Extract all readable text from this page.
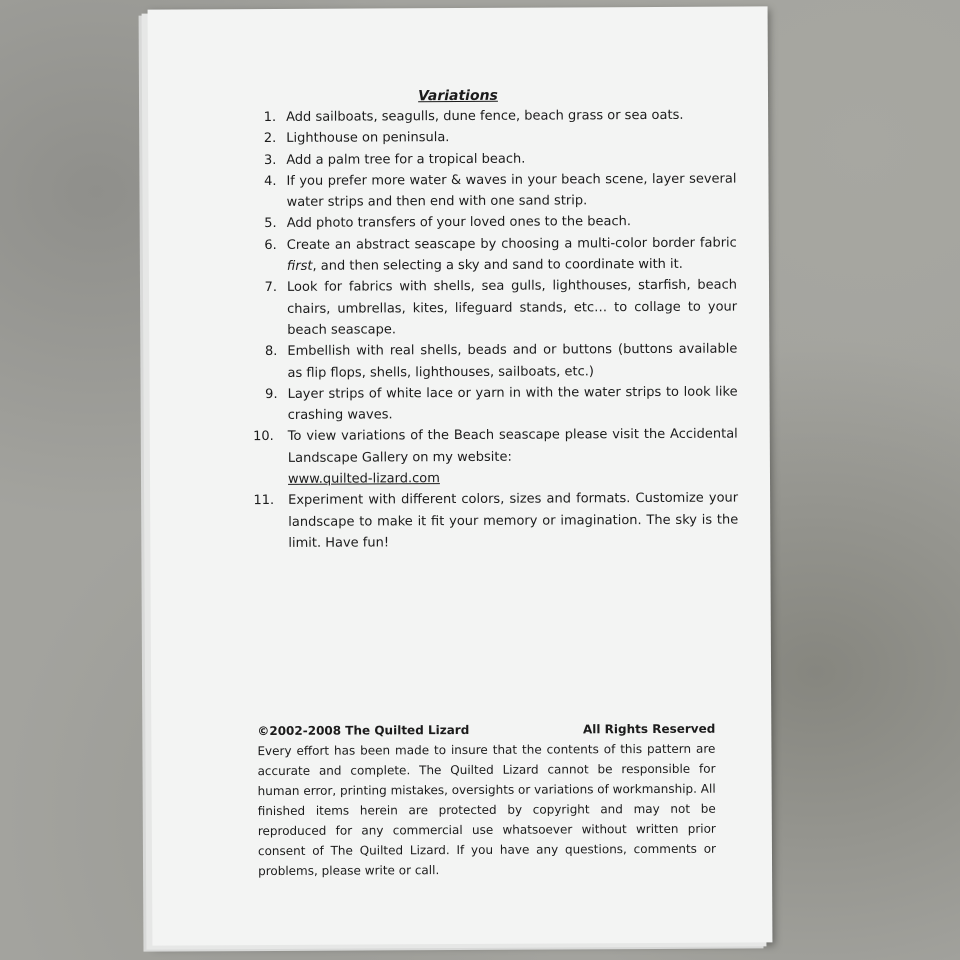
Variations
1. Add sailboats, seagulls, dune fence, beach grass or sea oats.
2. Lighthouse on peninsula.
3. Add a palm tree for a tropical beach.
4. If you prefer more water & waves in your beach scene, layer several water strips and then end with one sand strip.
5. Add photo transfers of your loved ones to the beach.
6. Create an abstract seascape by choosing a multi-color border fabric first, and then selecting a sky and sand to coordinate with it.
7. Look for fabrics with shells, sea gulls, lighthouses, starfish, beach chairs, umbrellas, kites, lifeguard stands, etc… to collage to your beach seascape.
8. Embellish with real shells, beads and or buttons (buttons available as flip flops, shells, lighthouses, sailboats, etc.)
9. Layer strips of white lace or yarn in with the water strips to look like crashing waves.
10.	To view variations of the Beach seascape please visit the Accidental Landscape Gallery on my website:
www.quilted-lizard.com
11.	Experiment with different colors, sizes and formats. Customize your landscape to make it fit your memory or imagination. The sky is the limit. Have fun!
©2002-2008 The Quilted Lizard	All Rights Reserved

Every effort has been made to insure that the contents of this pattern are accurate and complete. The Quilted Lizard cannot be responsible for human error, printing mistakes, oversights or variations of workmanship. All finished items herein are protected by copyright and may not be reproduced for any commercial use whatsoever without written prior consent of The Quilted Lizard. If you have any questions, comments or problems, please write or call.
